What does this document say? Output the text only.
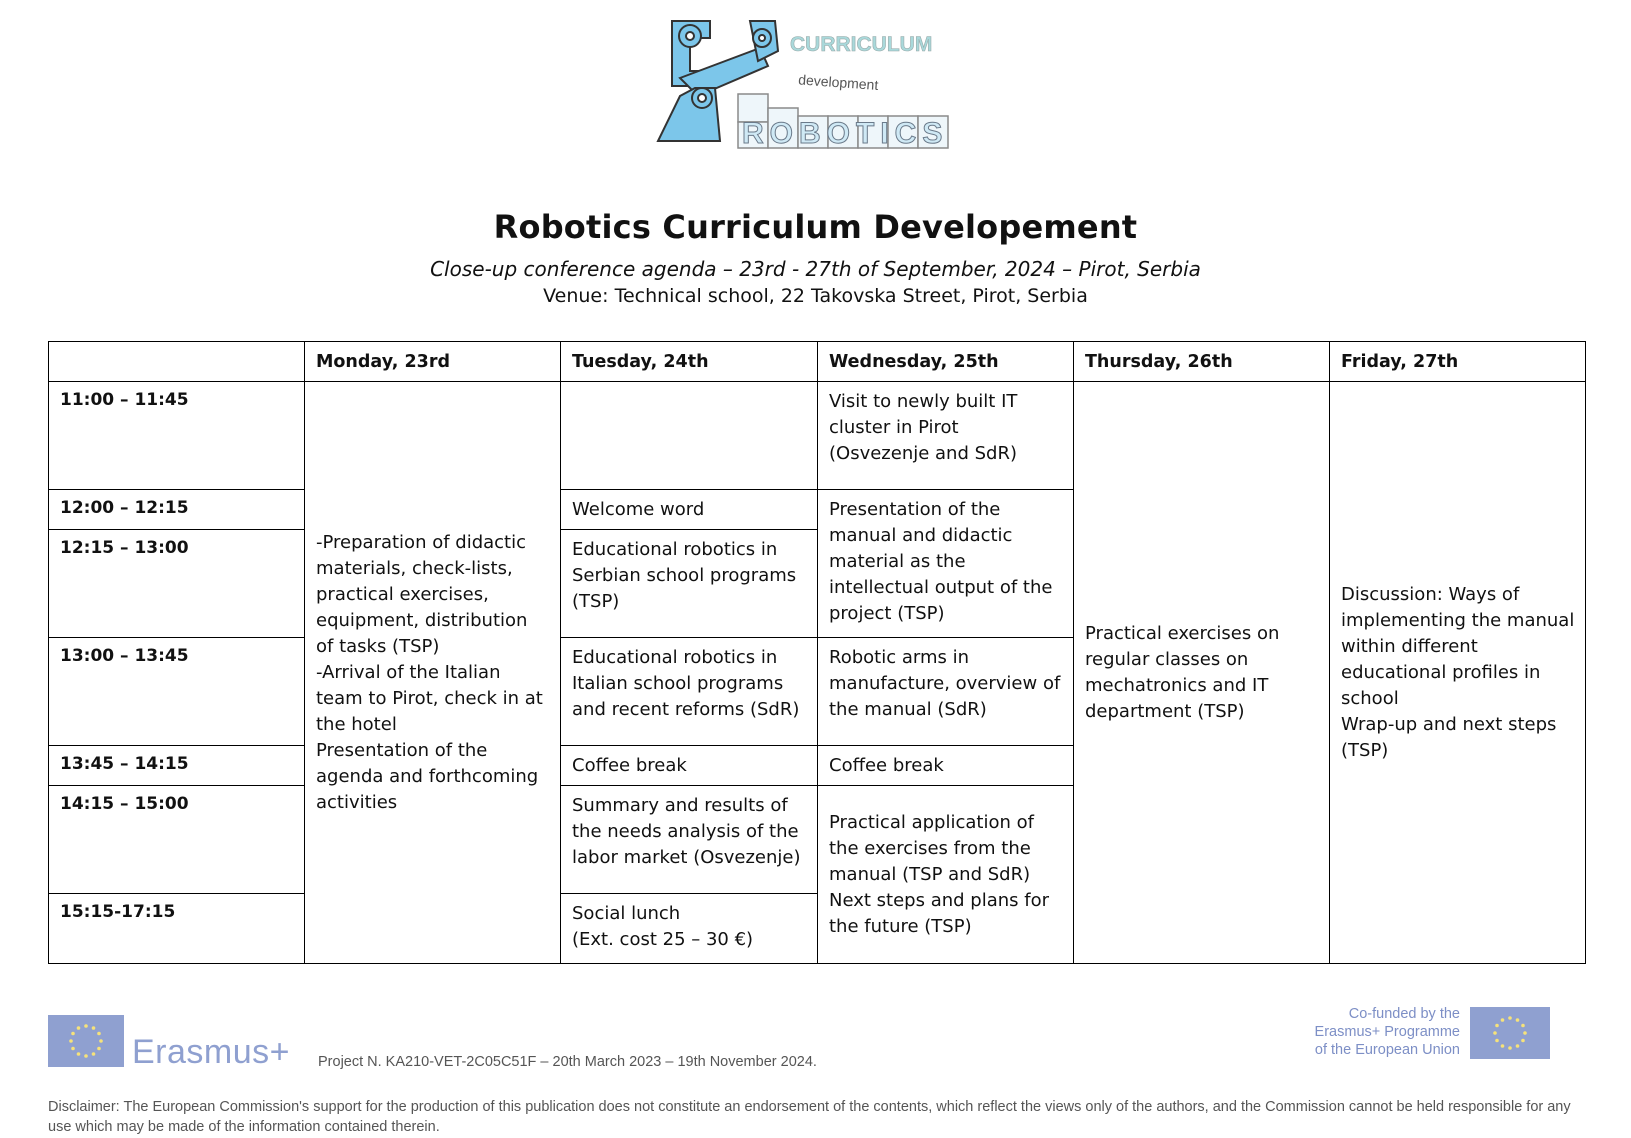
CURRICULUM
development
ROBOTICS
Robotics Curriculum Developement
Close-up conference agenda – 23rd - 27th of September, 2024 – Pirot, Serbia
Venue: Technical school, 22 Takovska Street, Pirot, Serbia
	Monday, 23rd	Tuesday, 24th	Wednesday, 25th	Thursday, 26th	Friday, 27th
11:00 – 11:45	-Preparation of didactic materials, check-lists, practical exercises, equipment, distribution of tasks (TSP)
-Arrival of the Italian team to Pirot, check in at the hotel
Presentation of the agenda and forthcoming activities		Visit to newly built IT cluster in Pirot (Osvezenje and SdR)	Practical exercises on regular classes on mechatronics and IT department (TSP)	Discussion: Ways of implementing the manual within different educational profiles in school
Wrap-up and next steps (TSP)
12:00 – 12:15		Welcome word	Presentation of the manual and didactic material as the intellectual output of the project (TSP)		
12:15 – 13:00		Educational robotics in Serbian school programs (TSP)			
13:00 – 13:45		Educational robotics in Italian school programs and recent reforms (SdR)	Robotic arms in manufacture, overview of the manual (SdR)		
13:45 – 14:15		Coffee break	Coffee break		
14:15 – 15:00		Summary and results of the needs analysis of the labor market (Osvezenje)	Practical application of the exercises from the manual (TSP and SdR)
Next steps and plans for the future (TSP)		
15:15-17:15		Social lunch
(Ext. cost 25 – 30 €)			
Erasmus+ Project N. KA210-VET-2C05C51F – 20th March 2023 – 19th November 2024.
Co-funded by the
Erasmus+ Programme
of the European Union
Disclaimer: The European Commission's support for the production of this publication does not constitute an endorsement of the contents, which reflect the views only of the authors, and the Commission cannot be held responsible for any use which may be made of the information contained therein.
